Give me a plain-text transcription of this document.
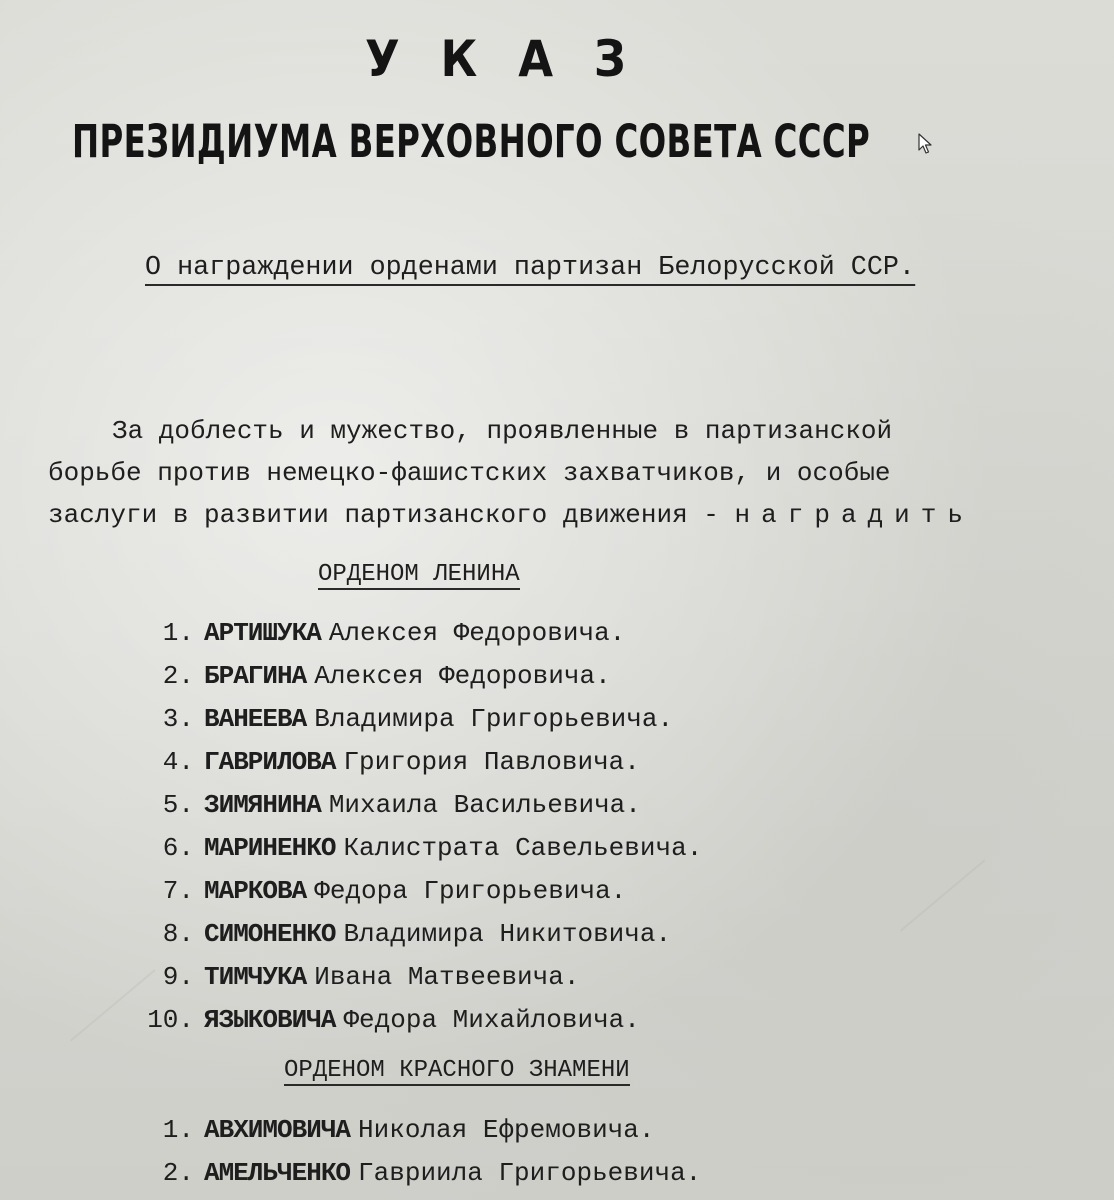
У К А З
ПРЕЗИДИУМА ВЕРХОВНОГО СОВЕТА СССР
О награждении орденами партизан Белорусской ССР.
За доблесть и мужество, проявленные в партизанской
борьбе против немецко-фашистских захватчиков, и особые
заслуги в развитии партизанского движения - наградить
ОРДЕНОМ ЛЕНИНА
1. АРТИШУКА Алексея Федоровича.
2. БРАГИНА Алексея Федоровича.
3. ВАНЕЕВА Владимира Григорьевича.
4. ГАВРИЛОВА Григория Павловича.
5. ЗИМЯНИНА Михаила Васильевича.
6. МАРИНЕНКО Калистрата Савельевича.
7. МАРКОВА Федора Григорьевича.
8. СИМОНЕНКО Владимира Никитовича.
9. ТИМЧУКА Ивана Матвеевича.
10. ЯЗЫКОВИЧА Федора Михайловича.
ОРДЕНОМ КРАСНОГО ЗНАМЕНИ
1. АВХИМОВИЧА Николая Ефремовича.
2. АМЕЛЬЧЕНКО Гавриила Григорьевича.
